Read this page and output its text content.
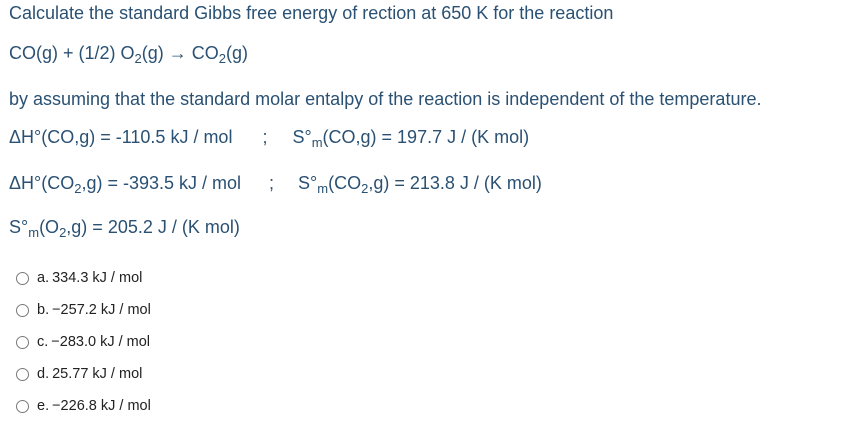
Calculate the standard Gibbs free energy of rection at 650 K for the reaction
CO(g) + (1/2) $O_2(g) \to CO_2(g)$
by assuming that the standard molar entalpy of the reaction is independent of the temperature.
ΔH°(CO,g) = -110.5 kJ / mol ; $S^\circ_m(CO,g) = 197.7$ J / (K mol)
$\Delta H^\circ(CO_2,g) = -393.5$ kJ / mol ; $S^\circ_m(CO_2,g) = 213.8$ J / (K mol)
$S^\circ_m(O_2,g) = 205.2$ J / (K mol)
a. 334.3 kJ / mol
b. −257.2 kJ / mol
c. −283.0 kJ / mol
d. 25.77 kJ / mol
e. −226.8 kJ / mol
